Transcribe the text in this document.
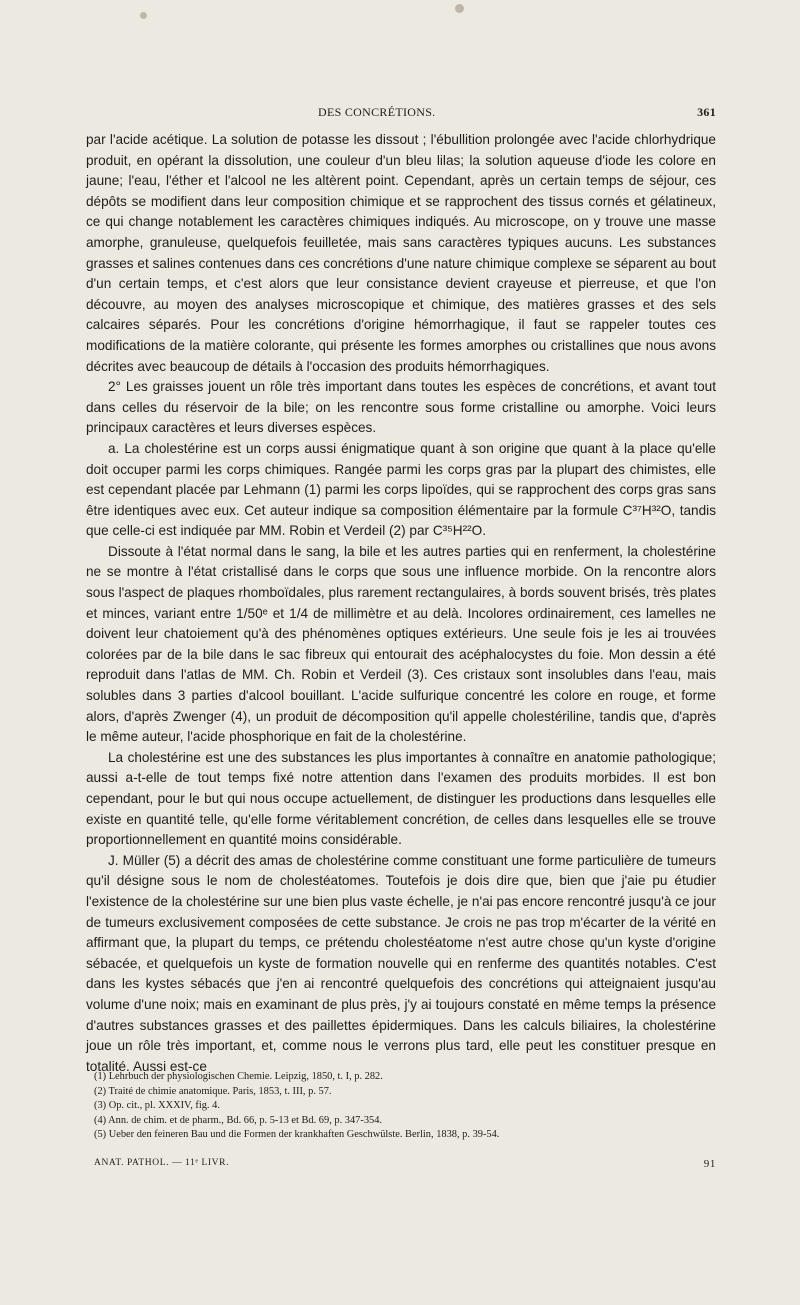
DES CONCRÉTIONS.	361

par l'acide acétique. La solution de potasse les dissout ; l'ébullition prolongée avec l'acide chlorhydrique produit, en opérant la dissolution, une couleur d'un bleu lilas; la solution aqueuse d'iode les colore en jaune; l'eau, l'éther et l'alcool ne les altèrent point. Cependant, après un certain temps de séjour, ces dépôts se modifient dans leur composition chimique et se rapprochent des tissus cornés et gélatineux, ce qui change notablement les caractères chimiques indiqués. Au microscope, on y trouve une masse amorphe, granuleuse, quelquefois feuilletée, mais sans caractères typiques aucuns. Les substances grasses et salines contenues dans ces concrétions d'une nature chimique complexe se séparent au bout d'un certain temps, et c'est alors que leur consistance devient crayeuse et pierreuse, et que l'on découvre, au moyen des analyses microscopique et chimique, des matières grasses et des sels calcaires séparés. Pour les concrétions d'origine hémorrhagique, il faut se rappeler toutes ces modifications de la matière colorante, qui présente les formes amorphes ou cristallines que nous avons décrites avec beaucoup de détails à l'occasion des produits hémorrhagiques.

2° Les graisses jouent un rôle très important dans toutes les espèces de concrétions, et avant tout dans celles du réservoir de la bile; on les rencontre sous forme cristalline ou amorphe. Voici leurs principaux caractères et leurs diverses espèces.

a. La cholestérine est un corps aussi énigmatique quant à son origine que quant à la place qu'elle doit occuper parmi les corps chimiques. Rangée parmi les corps gras par la plupart des chimistes, elle est cependant placée par Lehmann (1) parmi les corps lipoïdes, qui se rapprochent des corps gras sans être identiques avec eux. Cet auteur indique sa composition élémentaire par la formule C³⁷H³²O, tandis que celle-ci est indiquée par MM. Robin et Verdeil (2) par C³⁵H²²O.

Dissoute à l'état normal dans le sang, la bile et les autres parties qui en renferment, la cholestérine ne se montre à l'état cristallisé dans le corps que sous une influence morbide. On la rencontre alors sous l'aspect de plaques rhomboïdales, plus rarement rectangulaires, à bords souvent brisés, très plates et minces, variant entre 1/50ᵉ et 1/4 de millimètre et au delà. Incolores ordinairement, ces lamelles ne doivent leur chatoiement qu'à des phénomènes optiques extérieurs. Une seule fois je les ai trouvées colorées par de la bile dans le sac fibreux qui entourait des acéphalocystes du foie. Mon dessin a été reproduit dans l'atlas de MM. Ch. Robin et Verdeil (3). Ces cristaux sont insolubles dans l'eau, mais solubles dans 3 parties d'alcool bouillant. L'acide sulfurique concentré les colore en rouge, et forme alors, d'après Zwenger (4), un produit de décomposition qu'il appelle cholestériline, tandis que, d'après le même auteur, l'acide phosphorique en fait de la cholestérine.

La cholestérine est une des substances les plus importantes à connaître en anatomie pathologique; aussi a-t-elle de tout temps fixé notre attention dans l'examen des produits morbides. Il est bon cependant, pour le but qui nous occupe actuellement, de distinguer les productions dans lesquelles elle existe en quantité telle, qu'elle forme véritablement concrétion, de celles dans lesquelles elle se trouve proportionnellement en quantité moins considérable.

J. Müller (5) a décrit des amas de cholestérine comme constituant une forme particulière de tumeurs qu'il désigne sous le nom de cholestéatomes. Toutefois je dois dire que, bien que j'aie pu étudier l'existence de la cholestérine sur une bien plus vaste échelle, je n'ai pas encore rencontré jusqu'à ce jour de tumeurs exclusivement composées de cette substance. Je crois ne pas trop m'écarter de la vérité en affirmant que, la plupart du temps, ce prétendu cholestéatome n'est autre chose qu'un kyste d'origine sébacée, et quelquefois un kyste de formation nouvelle qui en renferme des quantités notables. C'est dans les kystes sébacés que j'en ai rencontré quelquefois des concrétions qui atteignaient jusqu'au volume d'une noix; mais en examinant de plus près, j'y ai toujours constaté en même temps la présence d'autres substances grasses et des paillettes épidermiques. Dans les calculs biliaires, la cholestérine joue un rôle très important, et, comme nous le verrons plus tard, elle peut les constituer presque en totalité. Aussi est-ce

(1) Lehrbuch der physiologischen Chemie. Leipzig, 1850, t. I, p. 282.
(2) Traité de chimie anatomique. Paris, 1853, t. III, p. 57.
(3) Op. cit., pl. XXXIV, fig. 4.
(4) Ann. de chim. et de pharm., Bd. 66, p. 5-13 et Bd. 69, p. 347-354.
(5) Ueber den feineren Bau und die Formen der krankhaften Geschwülste. Berlin, 1838, p. 39-54.
ANAT. PATHOL. — 11ᵉ LIVR.	91
